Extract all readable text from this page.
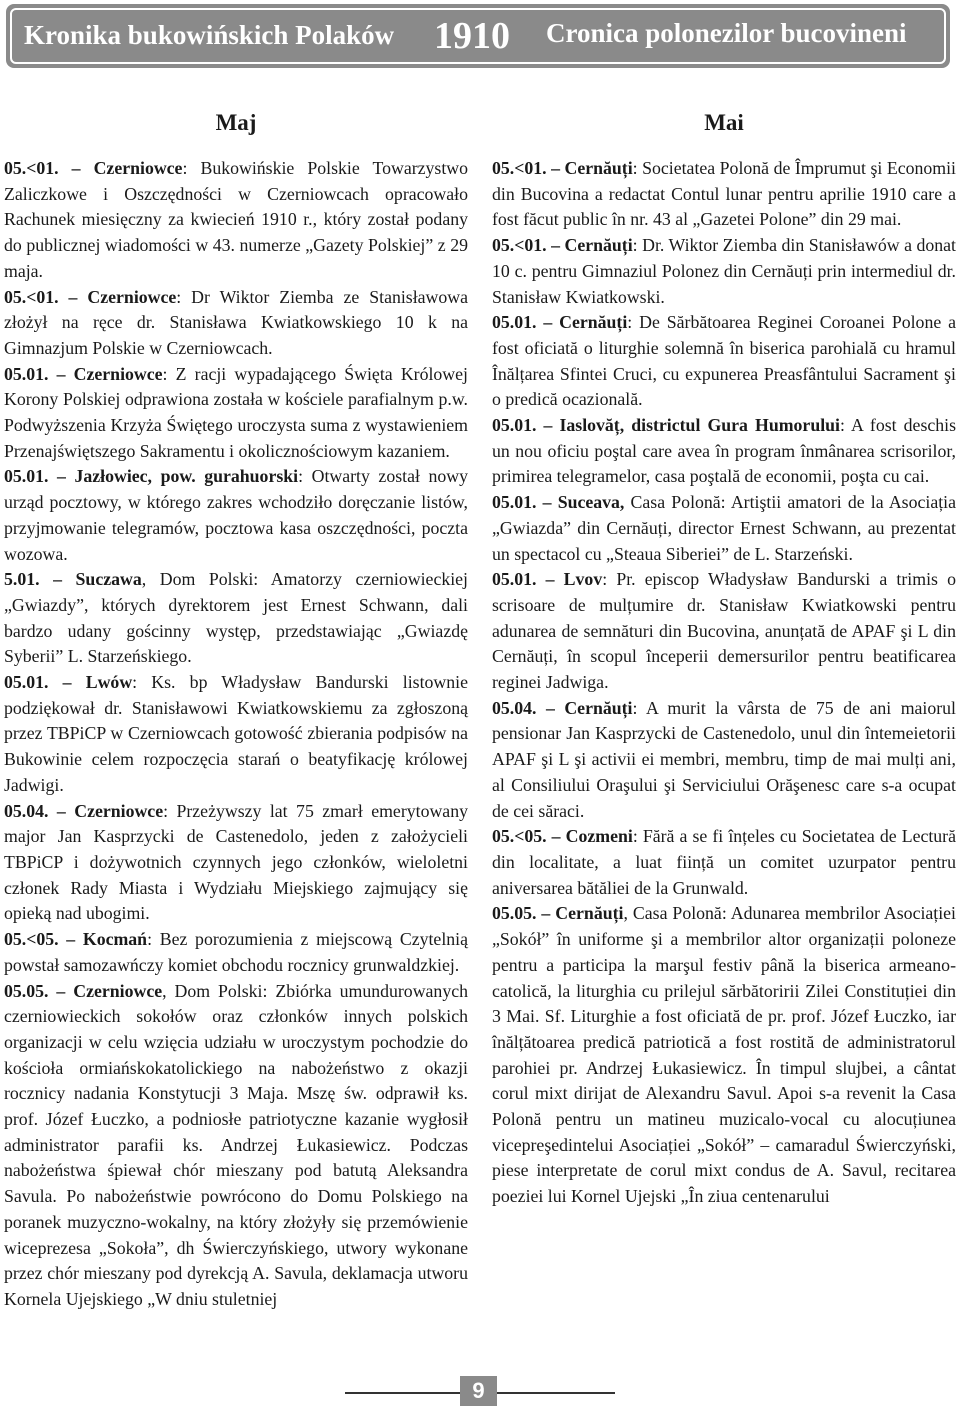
Kronika bukowińskich Polaków 1910 Cronica polonezilor bucovineni
Maj

05.<01. – Czerniowce: Bukowińskie Polskie Towarzystwo Zaliczkowe i Oszczędności w Czerniowcach opracowało Rachunek miesięczny za kwiecień 1910 r., który został podany do publicznej wiadomości w 43. numerze „Gazety Polskiej” z 29 maja.

05.<01. – Czerniowce: Dr Wiktor Ziemba ze Stanisławowa złożył na ręce dr. Stanisława Kwiatkowskiego 10 k na Gimnazjum Polskie w Czerniowcach.

05.01. – Czerniowce: Z racji wypadającego Święta Królowej Korony Polskiej odprawiona została w kościele parafialnym p.w. Podwyższenia Krzyża Świętego uroczysta suma z wystawieniem Przenajświętszego Sakramentu i okolicznościowym kazaniem.

05.01. – Jazłowiec, pow. gurahuorski: Otwarty został nowy urząd pocztowy, w którego zakres wchodziło doręczanie listów, przyjmowanie telegramów, pocztowa kasa oszczędności, poczta wozowa.

5.01. – Suczawa, Dom Polski: Amatorzy czerniowieckiej „Gwiazdy”, których dyrektorem jest Ernest Schwann, dali bardzo udany gościnny występ, przedstawiając „Gwiazdę Syberii” L. Starzeńskiego.

05.01. – Lwów: Ks. bp Władysław Bandurski listownie podziękował dr. Stanisławowi Kwiatkowskiemu za zgłoszoną przez TBPiCP w Czerniowcach gotowość zbierania podpisów na Bukowinie celem rozpoczęcia starań o beatyfikację królowej Jadwigi.

05.04. – Czerniowce: Przeżywszy lat 75 zmarł emerytowany major Jan Kasprzycki de Castenedolo, jeden z założycieli TBPiCP i dożywotnich czynnych jego członków, wieloletni członek Rady Miasta i Wydziału Miejskiego zajmujący się opieką nad ubogimi.

05.<05. – Kocmań: Bez porozumienia z miejscową Czytelnią powstał samozawńczy komiet obchodu rocznicy grunwaldzkiej.

05.05. – Czerniowce, Dom Polski: Zbiórka umundurowanych czerniowieckich sokołów oraz członków innych polskich organizacji w celu wzięcia udziału w uroczystym pochodzie do kościoła ormiańskokatolickiego na nabożeństwo z okazji rocznicy nadania Konstytucji 3 Maja. Mszę św. odprawił ks. prof. Józef Łuczko, a podniosłe patriotyczne kazanie wygłosił administrator parafii ks. Andrzej Łukasiewicz. Podczas nabożeństwa śpiewał chór mieszany pod batutą Aleksandra Savula. Po nabożeństwie powrócono do Domu Polskiego na poranek muzyczno-wokalny, na który złożyły się przemówienie wiceprezesa „Sokoła”, dh Świerczyńskiego, utwory wykonane przez chór mieszany pod dyrekcją A. Savula, deklamacja utworu Kornela Ujejskiego „W dniu stuletniej

Mai

05.<01. – Cernăuți: Societatea Polonă de Împrumut şi Economii din Bucovina a redactat Contul lunar pentru aprilie 1910 care a fost făcut public în nr. 43 al „Gazetei Polone” din 29 mai.

05.<01. – Cernăuți: Dr. Wiktor Ziemba din Stanisławów a donat 10 c. pentru Gimnaziul Polonez din Cernăuți prin intermediul dr. Stanisław Kwiatkowski.

05.01. – Cernăuți: De Sărbătoarea Reginei Coroanei Polone a fost oficiată o liturghie solemnă în biserica parohială cu hramul Înălțarea Sfintei Cruci, cu expunerea Preasfântului Sacrament şi o predică ocazională.

05.01. – Iaslovăț, districtul Gura Humorului: A fost deschis un nou oficiu poştal care avea în program înmânarea scrisorilor, primirea telegramelor, casa poştală de economii, poşta cu cai.

05.01. – Suceava, Casa Polonă: Artiştii amatori de la Asociația „Gwiazda” din Cernăuți, director Ernest Schwann, au prezentat un spectacol cu „Steaua Siberiei” de L. Starzeński.

05.01. – Lvov: Pr. episcop Władysław Bandurski a trimis o scrisoare de mulțumire dr. Stanisław Kwiatkowski pentru adunarea de semnături din Bucovina, anunțată de APAF şi L din Cernăuți, în scopul începerii demersurilor pentru beatificarea reginei Jadwiga.

05.04. – Cernăuți: A murit la vârsta de 75 de ani maiorul pensionar Jan Kasprzycki de Castenedolo, unul din întemeietorii APAF şi L şi activii ei membri, membru, timp de mai mulți ani, al Consiliului Oraşului şi Serviciului Orăşenesc care s-a ocupat de cei săraci.

05.<05. – Cozmeni: Fără a se fi înțeles cu Societatea de Lectură din localitate, a luat ființă un comitet uzurpator pentru aniversarea bătăliei de la Grunwald.

05.05. – Cernăuți, Casa Polonă: Adunarea membrilor Asociației „Sokół” în uniforme şi a membrilor altor organizații poloneze pentru a participa la marşul festiv până la biserica armeano-catolică, la liturghia cu prilejul sărbătoririi Zilei Constituției din 3 Mai. Sf. Liturghie a fost oficiată de pr. prof. Józef Łuczko, iar înălțătoarea predică patriotică a fost rostită de administratorul parohiei pr. Andrzej Łukasiewicz. În timpul slujbei, a cântat corul mixt dirijat de Alexandru Savul. Apoi s-a revenit la Casa Polonă pentru un matineu muzicalo-vocal cu alocuțiunea vicepreşedintelui Asociației „Sokół” – camaradul Świerczyński, piese interpretate de corul mixt condus de A. Savul, recitarea poeziei lui Kornel Ujejski „În ziua centenarului

9
